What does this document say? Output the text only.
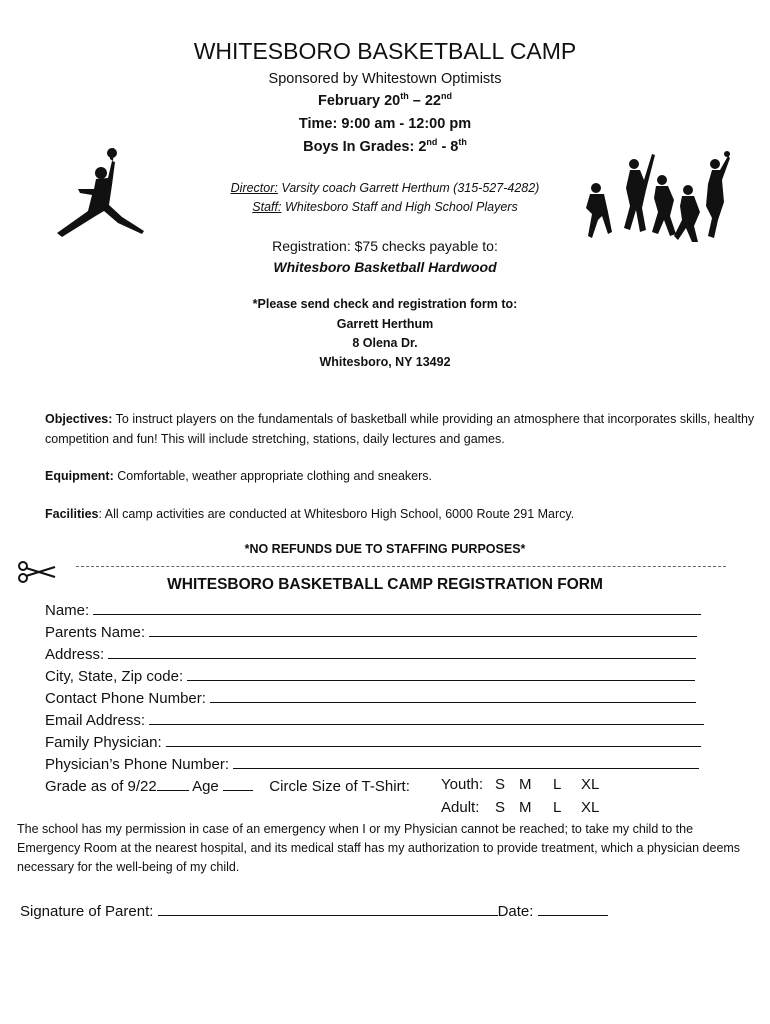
WHITESBORO BASKETBALL CAMP
Sponsored by Whitestown Optimists
February 20th – 22nd
Time: 9:00 am - 12:00 pm
Boys In Grades: 2nd - 8th
Director: Varsity coach Garrett Herthum (315-527-4282)
Staff: Whitesboro Staff and High School Players
Registration: $75 checks payable to:
Whitesboro Basketball Hardwood
*Please send check and registration form to:
Garrett Herthum
8 Olena Dr.
Whitesboro, NY 13492
Objectives: To instruct players on the fundamentals of basketball while providing an atmosphere that incorporates skills, healthy competition and fun! This will include stretching, stations, daily lectures and games.
Equipment: Comfortable, weather appropriate clothing and sneakers.
Facilities: All camp activities are conducted at Whitesboro High School, 6000 Route 291 Marcy.
*NO REFUNDS DUE TO STAFFING PURPOSES*
WHITESBORO BASKETBALL CAMP REGISTRATION FORM
Name:
Parents Name:
Address:
City, State, Zip code:
Contact Phone Number:
Email Address:
Family Physician:
Physician’s Phone Number:
Grade as of 9/22 Age	Circle Size of T-Shirt: Youth: S M L XL
Adult: S M L XL
The school has my permission in case of an emergency when I or my Physician cannot be reached; to take my child to the Emergency Room at the nearest hospital, and its medical staff has my authorization to provide treatment, which a physician deems necessary for the well-being of my child.
Signature of Parent:	Date:
